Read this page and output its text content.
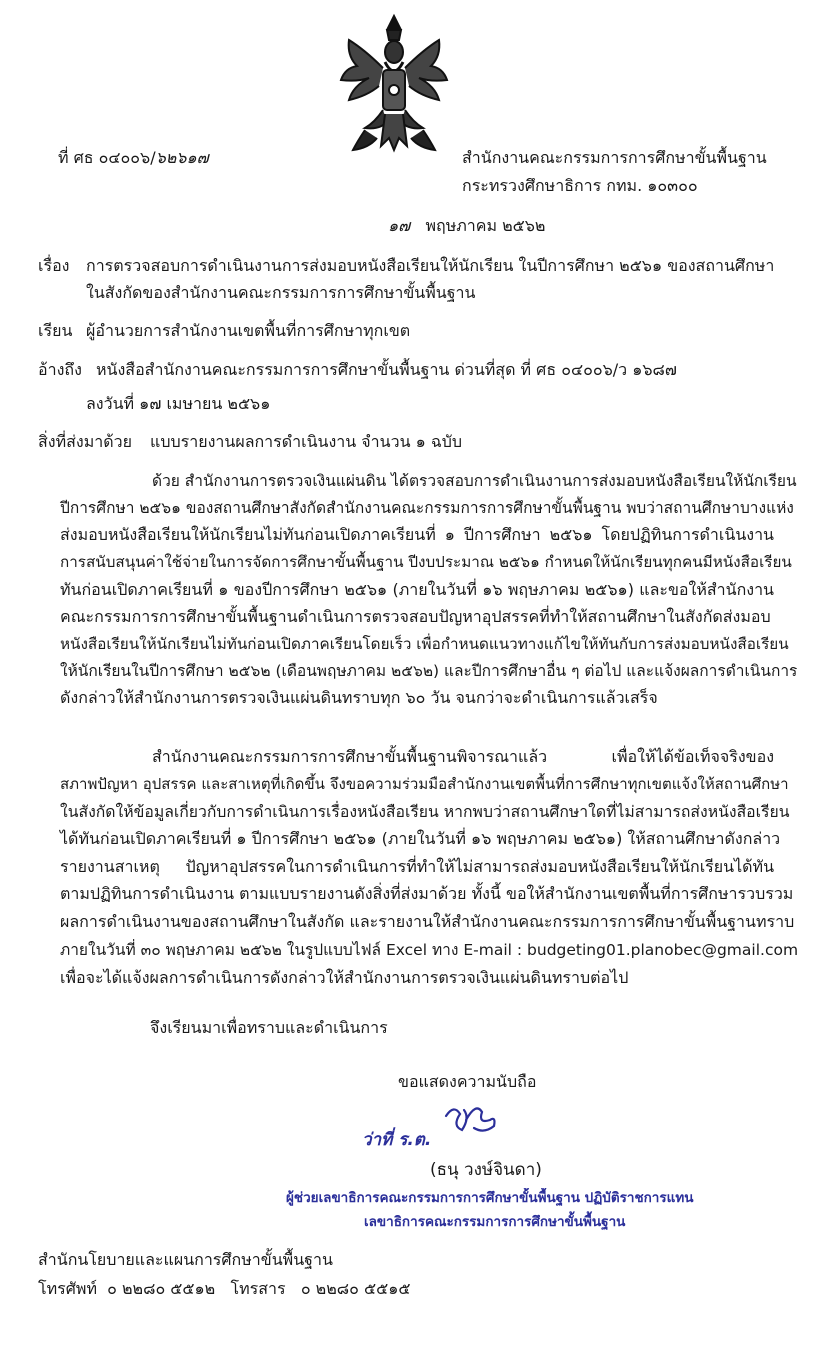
ที่ ศธ ๐๔๐๐๖/๖๒๖๑๗	สำนักงานคณะกรรมการการศึกษาขั้นพื้นฐาน
กระทรวงศึกษาธิการ กทม. ๑๐๓๐๐
๑๗ พฤษภาคม ๒๕๖๒
เรื่อง การตรวจสอบการดำเนินงานการส่งมอบหนังสือเรียนให้นักเรียน ในปีการศึกษา ๒๕๖๑ ของสถานศึกษา
ในสังกัดของสำนักงานคณะกรรมการการศึกษาขั้นพื้นฐาน
เรียน ผู้อำนวยการสำนักงานเขตพื้นที่การศึกษาทุกเขต
อ้างถึง หนังสือสำนักงานคณะกรรมการการศึกษาขั้นพื้นฐาน ด่วนที่สุด ที่ ศธ ๐๔๐๐๖/ว ๑๖๘๗
ลงวันที่ ๑๗ เมษายน ๒๕๖๑
สิ่งที่ส่งมาด้วย แบบรายงานผลการดำเนินงาน จำนวน ๑ ฉบับ
ด้วย สำนักงานการตรวจเงินแผ่นดิน ได้ตรวจสอบการดำเนินงานการส่งมอบหนังสือเรียนให้นักเรียน
ปีการศึกษา ๒๕๖๑ ของสถานศึกษาสังกัดสำนักงานคณะกรรมการการศึกษาขั้นพื้นฐาน พบว่าสถานศึกษาบางแห่ง
ส่งมอบหนังสือเรียนให้นักเรียนไม่ทันก่อนเปิดภาคเรียนที่ ๑ ปีการศึกษา ๒๕๖๑ โดยปฏิทินการดำเนินงาน
การสนับสนุนค่าใช้จ่ายในการจัดการศึกษาขั้นพื้นฐาน ปีงบประมาณ ๒๕๖๑ กำหนดให้นักเรียนทุกคนมีหนังสือเรียน
ทันก่อนเปิดภาคเรียนที่ ๑ ของปีการศึกษา ๒๕๖๑ (ภายในวันที่ ๑๖ พฤษภาคม ๒๕๖๑) และขอให้สำนักงาน
คณะกรรมการการศึกษาขั้นพื้นฐานดำเนินการตรวจสอบปัญหาอุปสรรคที่ทำให้สถานศึกษาในสังกัดส่งมอบ
หนังสือเรียนให้นักเรียนไม่ทันก่อนเปิดภาคเรียนโดยเร็ว เพื่อกำหนดแนวทางแก้ไขให้ทันกับการส่งมอบหนังสือเรียน
ให้นักเรียนในปีการศึกษา ๒๕๖๒ (เดือนพฤษภาคม ๒๕๖๒) และปีการศึกษาอื่น ๆ ต่อไป และแจ้งผลการดำเนินการ
ดังกล่าวให้สำนักงานการตรวจเงินแผ่นดินทราบทุก ๖๐ วัน จนกว่าจะดำเนินการแล้วเสร็จ
สำนักงานคณะกรรมการการศึกษาขั้นพื้นฐานพิจารณาแล้ว เพื่อให้ได้ข้อเท็จจริงของ
สภาพปัญหา อุปสรรค และสาเหตุที่เกิดขึ้น จึงขอความร่วมมือสำนักงานเขตพื้นที่การศึกษาทุกเขตแจ้งให้สถานศึกษา
ในสังกัดให้ข้อมูลเกี่ยวกับการดำเนินการเรื่องหนังสือเรียน หากพบว่าสถานศึกษาใดที่ไม่สามารถส่งหนังสือเรียน
ได้ทันก่อนเปิดภาคเรียนที่ ๑ ปีการศึกษา ๒๕๖๑ (ภายในวันที่ ๑๖ พฤษภาคม ๒๕๖๑) ให้สถานศึกษาดังกล่าว
รายงานสาเหตุ ปัญหาอุปสรรคในการดำเนินการที่ทำให้ไม่สามารถส่งมอบหนังสือเรียนให้นักเรียนได้ทัน
ตามปฏิทินการดำเนินงาน ตามแบบรายงานดังสิ่งที่ส่งมาด้วย ทั้งนี้ ขอให้สำนักงานเขตพื้นที่การศึกษารวบรวม
ผลการดำเนินงานของสถานศึกษาในสังกัด และรายงานให้สำนักงานคณะกรรมการการศึกษาขั้นพื้นฐานทราบ
ภายในวันที่ ๓๐ พฤษภาคม ๒๕๖๒ ในรูปแบบไฟล์ Excel ทาง E-mail : budgeting01.planobec@gmail.com
เพื่อจะได้แจ้งผลการดำเนินการดังกล่าวให้สำนักงานการตรวจเงินแผ่นดินทราบต่อไป
จึงเรียนมาเพื่อทราบและดำเนินการ
ขอแสดงความนับถือ
ว่าที่ ร.ต.
(ธนุ วงษ์จินดา)
ผู้ช่วยเลขาธิการคณะกรรมการการศึกษาขั้นพื้นฐาน ปฏิบัติราชการแทน
เลขาธิการคณะกรรมการการศึกษาขั้นพื้นฐาน
สำนักนโยบายและแผนการศึกษาขั้นพื้นฐาน
โทรศัพท์ ๐ ๒๒๘๐ ๕๕๑๒ โทรสาร ๐ ๒๒๘๐ ๕๕๑๕
